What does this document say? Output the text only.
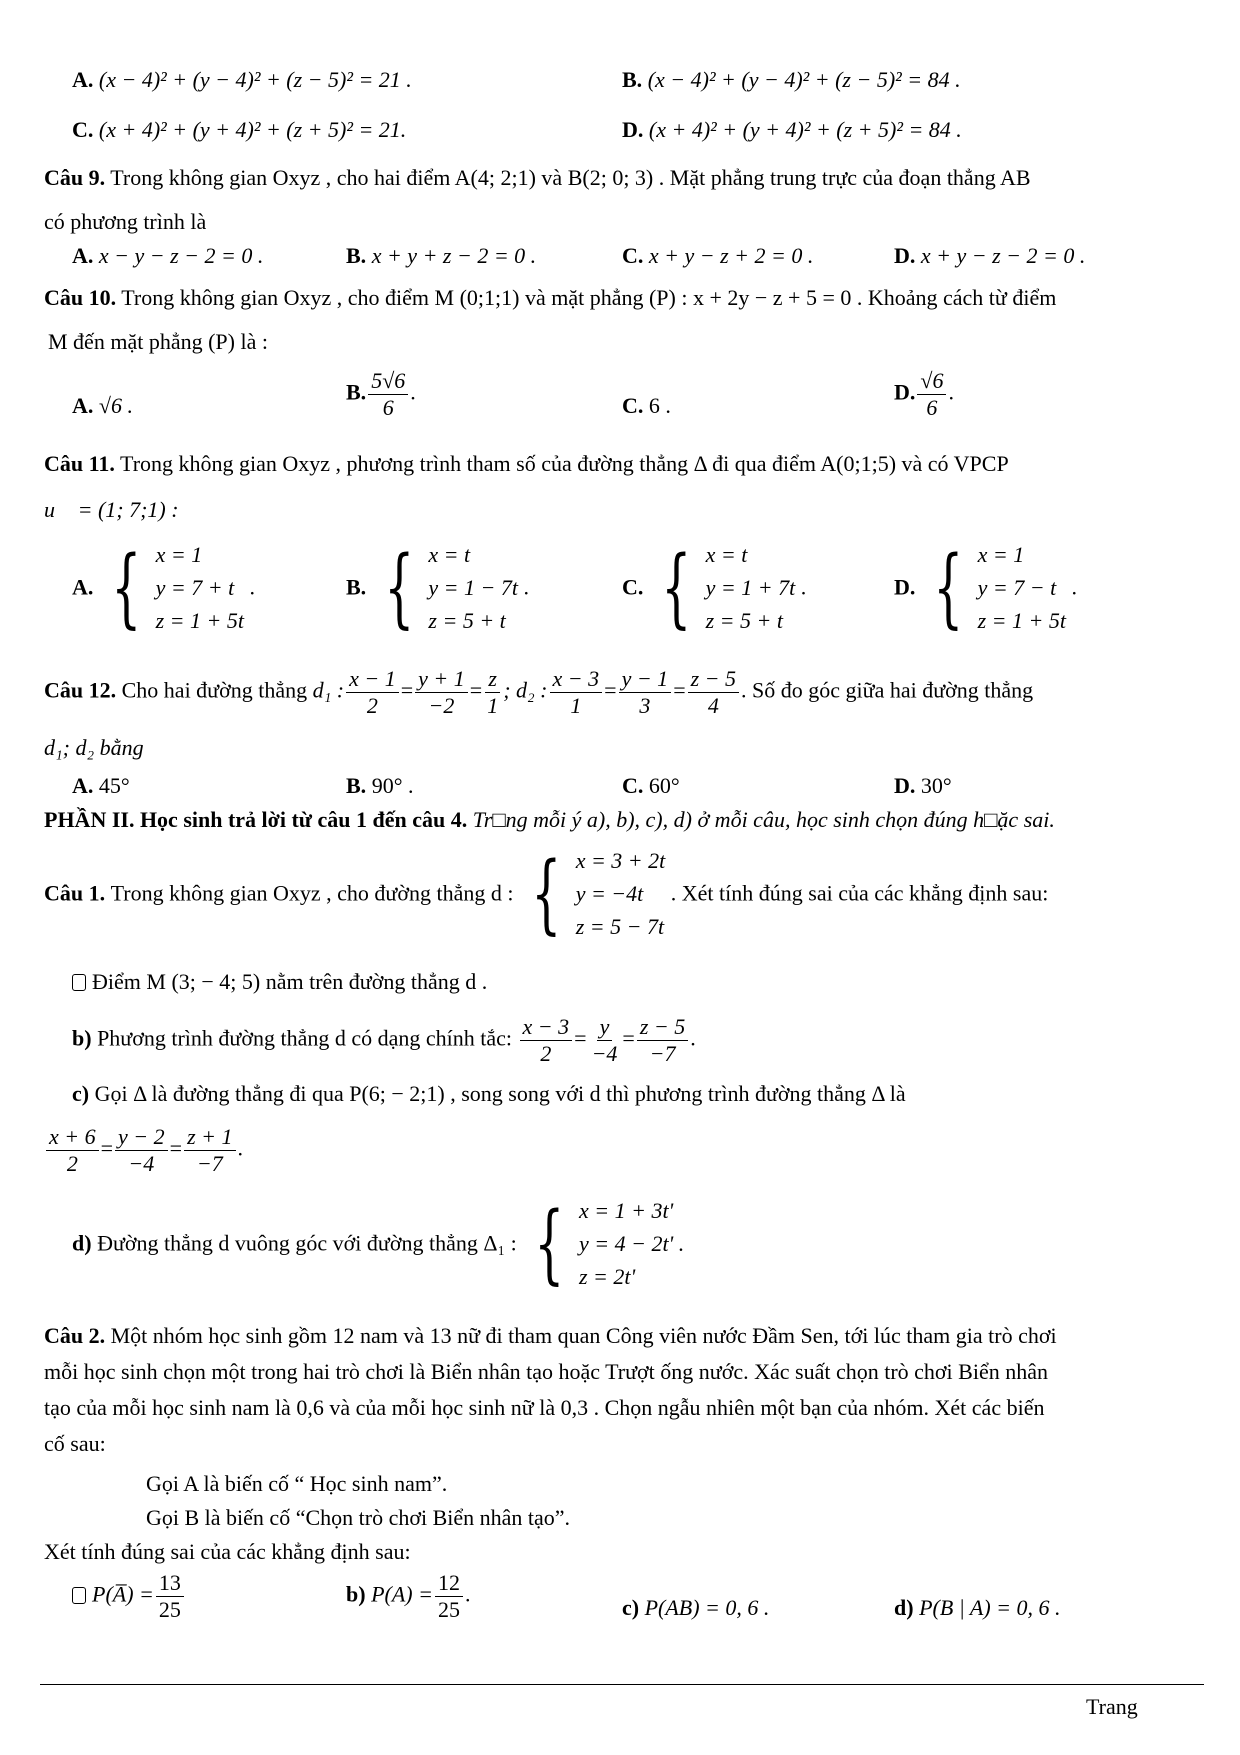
A. (x − 4)² + (y − 4)² + (z − 5)² = 21 .	B. (x − 4)² + (y − 4)² + (z − 5)² = 84 .
C. (x + 4)² + (y + 4)² + (z + 5)² = 21.	D. (x + 4)² + (y + 4)² + (z + 5)² = 84 .
Câu 9. Trong không gian Oxyz , cho hai điểm A(4; 2;1) và B(2; 0; 3) . Mặt phẳng trung trực của đoạn thẳng AB
có phương trình là
A. x − y − z − 2 = 0 .	B. x + y + z − 2 = 0 .	C. x + y − z + 2 = 0 .	D. x + y − z − 2 = 0 .
Câu 10. Trong không gian Oxyz , cho điểm M (0;1;1) và mặt phẳng (P) : x + 2y − z + 5 = 0 . Khoảng cách từ điểm
M đến mặt phẳng (P) là :
A. √6 .
B. $\frac{5√6}{6}$ .
C. 6 .
D. $\frac{√6}{6}$ .
Câu 11. Trong không gian Oxyz , phương trình tham số của đường thẳng Δ đi qua điểm A(0;1;5) và có VPCP
u⃗ = (1; 7;1) :
A. { x = 1
y = 7 + t
z = 1 + 5t
.	B. { x = t
y = 1 − 7t
z = 5 + t
.	C. { x = t
y = 1 + 7t
z = 5 + t
.	D. { x = 1
y = 7 − t
z = 1 + 5t
.
Câu 12. Cho hai đường thẳng d₁ : $\frac{x - 1}{2} = \frac{y + 1}{-2} = \frac{z}{1}$ ; d₂ : $\frac{x - 3}{1} = \frac{y - 1}{3} = \frac{z - 5}{4}$ . Số đo góc giữa hai đường thẳng
d₁; d₂ bằng
A. 45°	B. 90° .	C. 60°	D. 30°
PHẦN II. Học sinh trả lời từ câu 1 đến câu 4. Tr□ng mỗi ý a), b), c), d) ở mỗi câu, học sinh chọn đúng h□ặc sai.
Câu 1. Trong không gian Oxyz , cho đường thẳng d : { x = 3 + 2t
y = −4t
z = 5 − 7t
. Xét tính đúng sai của các khẳng định sau:
Điểm M (3; − 4; 5) nằm trên đường thẳng d .
b) Phương trình đường thẳng d có dạng chính tắc: $\frac{x - 3}{2} = \frac{y}{-4} = \frac{z - 5}{-7}$ .
c) Gọi Δ là đường thẳng đi qua P(6; − 2;1) , song song với d thì phương trình đường thẳng Δ là
$\frac{x + 6}{2} = \frac{y - 2}{-4} = \frac{z + 1}{-7}$ .
d) Đường thẳng d vuông góc với đường thẳng Δ₁ : { x = 1 + 3t'
y = 4 − 2t' .
z = 2t'
Câu 2. Một nhóm học sinh gồm 12 nam và 13 nữ đi tham quan Công viên nước Đầm Sen, tới lúc tham gia trò chơi
mỗi học sinh chọn một trong hai trò chơi là Biển nhân tạo hoặc Trượt ống nước. Xác suất chọn trò chơi Biển nhân
tạo của mỗi học sinh nam là 0,6 và của mỗi học sinh nữ là 0,3 . Chọn ngẫu nhiên một bạn của nhóm. Xét các biến
cố sau:
Gọi A là biến cố “ Học sinh nam”.
Gọi B là biến cố “Chọn trò chơi Biển nhân tạo”.
Xét tính đúng sai của các khẳng định sau:
P(A̅) = $\frac{13}{25}$	b) $P(A) = \frac{12}{25}$ .
c) P(AB) = 0, 6 .	d) P(B | A) = 0, 6 .
Trang
